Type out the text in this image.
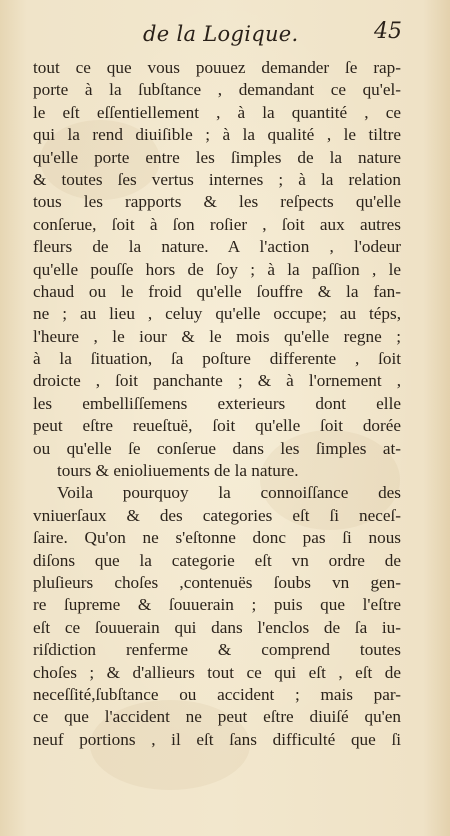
de la Logique.	45
tout ce que vous pouuez demander ſe rap-
porte à la ſubſtance , demandant ce qu'el-
le eſt eſſentiellement , à la quantité , ce
qui la rend diuiſible ; à la qualité , le tiltre
qu'elle porte entre les ſimples de la nature
& toutes ſes vertus internes ; à la relation
tous les rapports & les reſpects qu'elle
conſerue, ſoit à ſon roſier , ſoit aux autres
fleurs de la nature. A l'action , l'odeur
qu'elle pouſſe hors de ſoy ; à la paſſion , le
chaud ou le froid qu'elle ſouffre & la fan-
ne ; au lieu , celuy qu'elle occupe; au téps,
l'heure , le iour & le mois qu'elle regne ;
à la ſituation, ſa poſture differente , ſoit
droicte , ſoit panchante ; & à l'ornement ,
les embelliſſemens exterieurs dont elle
peut eſtre reueſtuë, ſoit qu'elle ſoit dorée
ou qu'elle ſe conſerue dans les ſimples at-
tours & enioliuements de la nature.
Voila pourquoy la connoiſſance des
vniuerſaux & des categories eſt ſi neceſ-
ſaire. Qu'on ne s'eſtonne donc pas ſi nous
diſons que la categorie eſt vn ordre de
pluſieurs choſes ,contenuës ſoubs vn gen-
re ſupreme & ſouuerain ; puis que l'eſtre
eſt ce ſouuerain qui dans l'enclos de ſa iu-
riſdiction renferme & comprend toutes
choſes ; & d'allieurs tout ce qui eſt , eſt de
neceſſité,ſubſtance ou accident ; mais par-
ce que l'accident ne peut eſtre diuiſé qu'en
neuf portions , il eſt ſans difficulté que ſi
